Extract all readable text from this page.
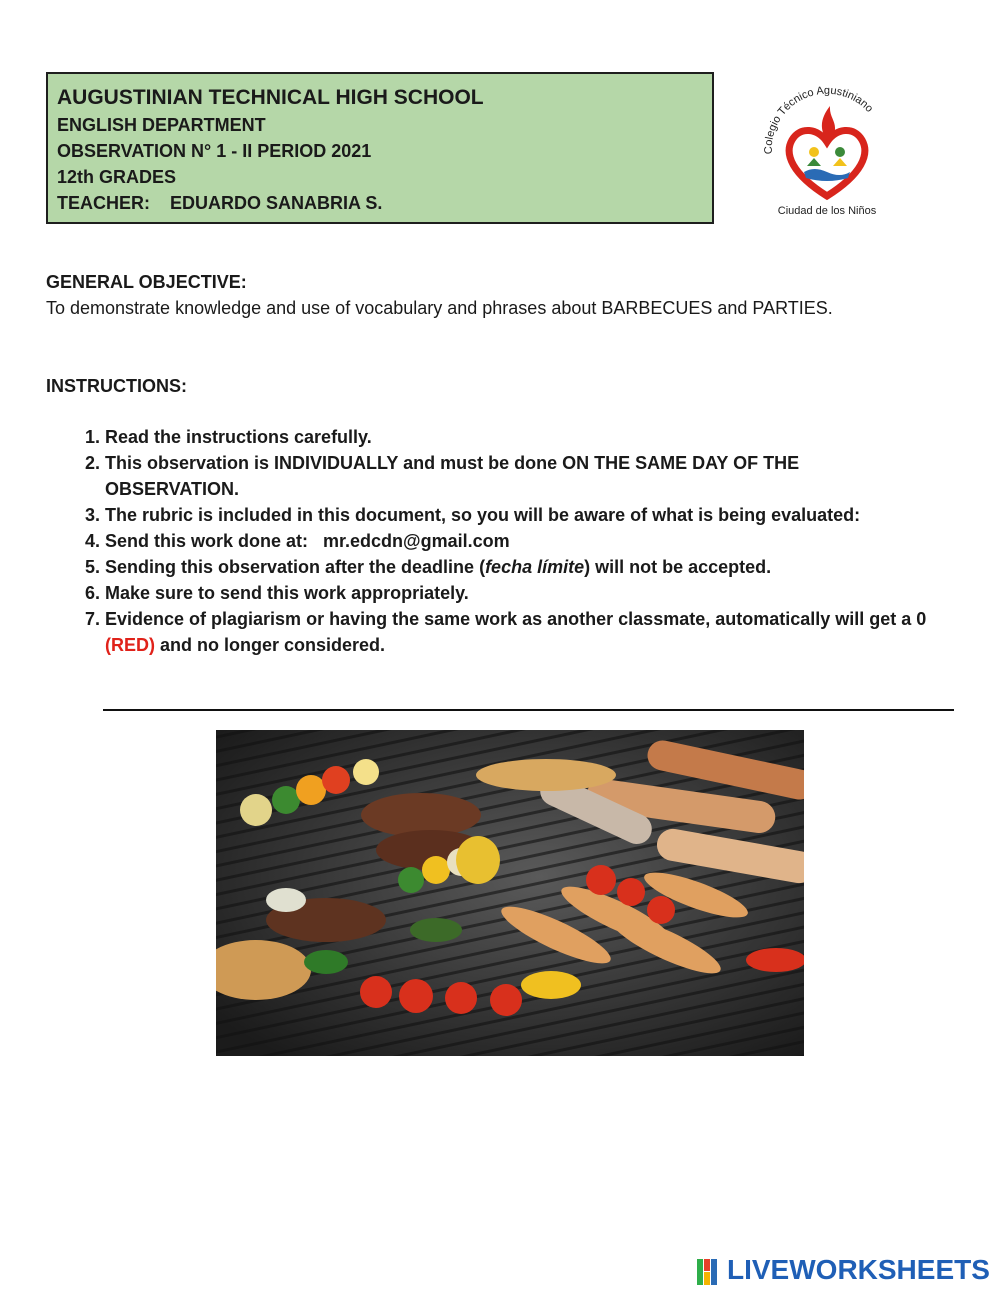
AUGUSTINIAN TECHNICAL HIGH SCHOOL
ENGLISH DEPARTMENT
OBSERVATION N° 1 - II PERIOD 2021
12th GRADES
TEACHER:    EDUARDO SANABRIA S.
Colegio Técnico Agustiniano
Ciudad de los Niños
GENERAL OBJECTIVE:
To demonstrate knowledge and use of vocabulary and phrases about BARBECUES and PARTIES.
INSTRUCTIONS:
1. Read the instructions carefully.
2. This observation is INDIVIDUALLY and must be done ON THE SAME DAY OF THE OBSERVATION.
3. The rubric is included in this document, so you will be aware of what is being evaluated:
4. Send this work done at:   mr.edcdn@gmail.com
5. Sending this observation after the deadline (fecha límite) will not be accepted.
6. Make sure to send this work appropriately.
7. Evidence of plagiarism or having the same work as another classmate, automatically will get a 0  (RED) and no longer considered.
LIVEWORKSHEETS
